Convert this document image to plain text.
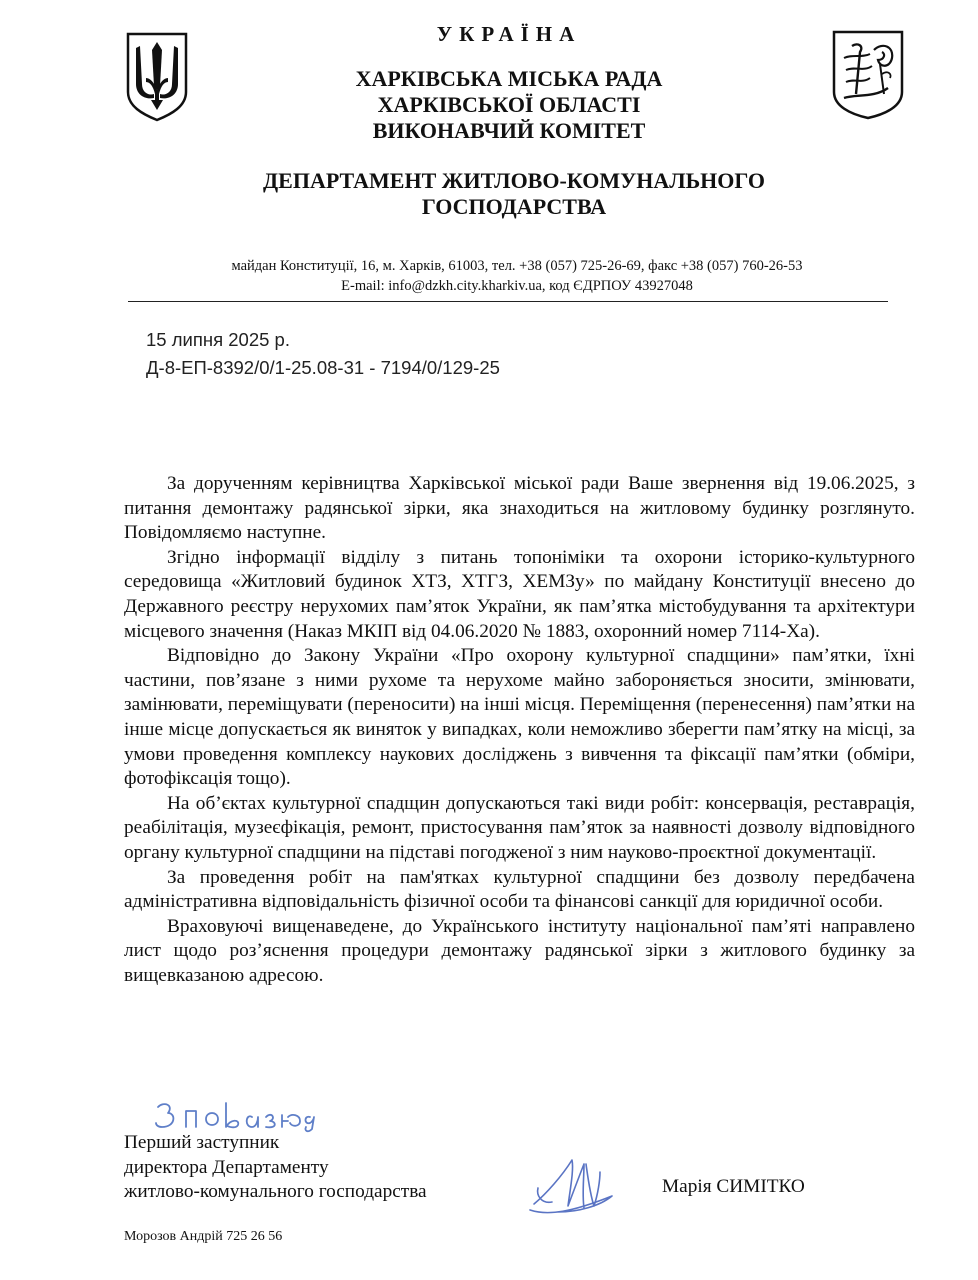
УКРАЇНА
ХАРКІВСЬКА МІСЬКА РАДА
ХАРКІВСЬКОЇ ОБЛАСТІ
ВИКОНАВЧИЙ КОМІТЕТ
ДЕПАРТАМЕНТ ЖИТЛОВО-КОМУНАЛЬНОГО
ГОСПОДАРСТВА
майдан Конституції, 16, м. Харків, 61003, тел. +38 (057) 725-26-69, факс +38 (057) 760-26-53
E-mail: info@dzkh.city.kharkiv.ua, код ЄДРПОУ 43927048
15 липня 2025 р.
Д-8-ЕП-8392/0/1-25.08-31 - 7194/0/129-25

За дорученням керівництва Харківської міської ради Ваше звернення від 19.06.2025, з питання демонтажу радянської зірки, яка знаходиться на житловому будинку розглянуто. Повідомляємо наступне.

Згідно інформації відділу з питань топоніміки та охорони історико-культурного середовища «Житловий будинок ХТЗ, ХТГЗ, ХЕМЗу» по майдану Конституції внесено до Державного реєстру нерухомих пам’яток України, як пам’ятка містобудування та архітектури місцевого значення (Наказ МКІП від 04.06.2020 № 1883, охоронний номер 7114-Ха).

Відповідно до Закону України «Про охорону культурної спадщини» пам’ятки, їхні частини, пов’язане з ними рухоме та нерухоме майно забороняється зносити, змінювати, замінювати, переміщувати (переносити) на інші місця. Переміщення (перенесення) пам’ятки на інше місце допускається як виняток у випадках, коли неможливо зберегти пам’ятку на місці, за умови проведення комплексу наукових досліджень з вивчення та фіксації пам’ятки (обміри, фотофіксація тощо).

На об’єктах культурної спадщин допускаються такі види робіт: консервація, реставрація, реабілітація, музеєфікація, ремонт, пристосування пам’яток за наявності дозволу відповідного органу культурної спадщини на підставі погодженої з ним науково-проєктної документації.

За проведення робіт на пам'ятках культурної спадщини без дозволу передбачена адміністративна відповідальність фізичної особи та фінансові санкції для юридичної особи.

Враховуючі вищенаведене, до Українського інституту національної пам’яті направлено лист щодо роз’яснення процедури демонтажу радянської зірки з житлового будинку за вищевказаною адресою.

Перший заступник
директора Департаменту
житлово-комунального господарства	Марія СИМІТКО
Морозов Андрій 725 26 56
